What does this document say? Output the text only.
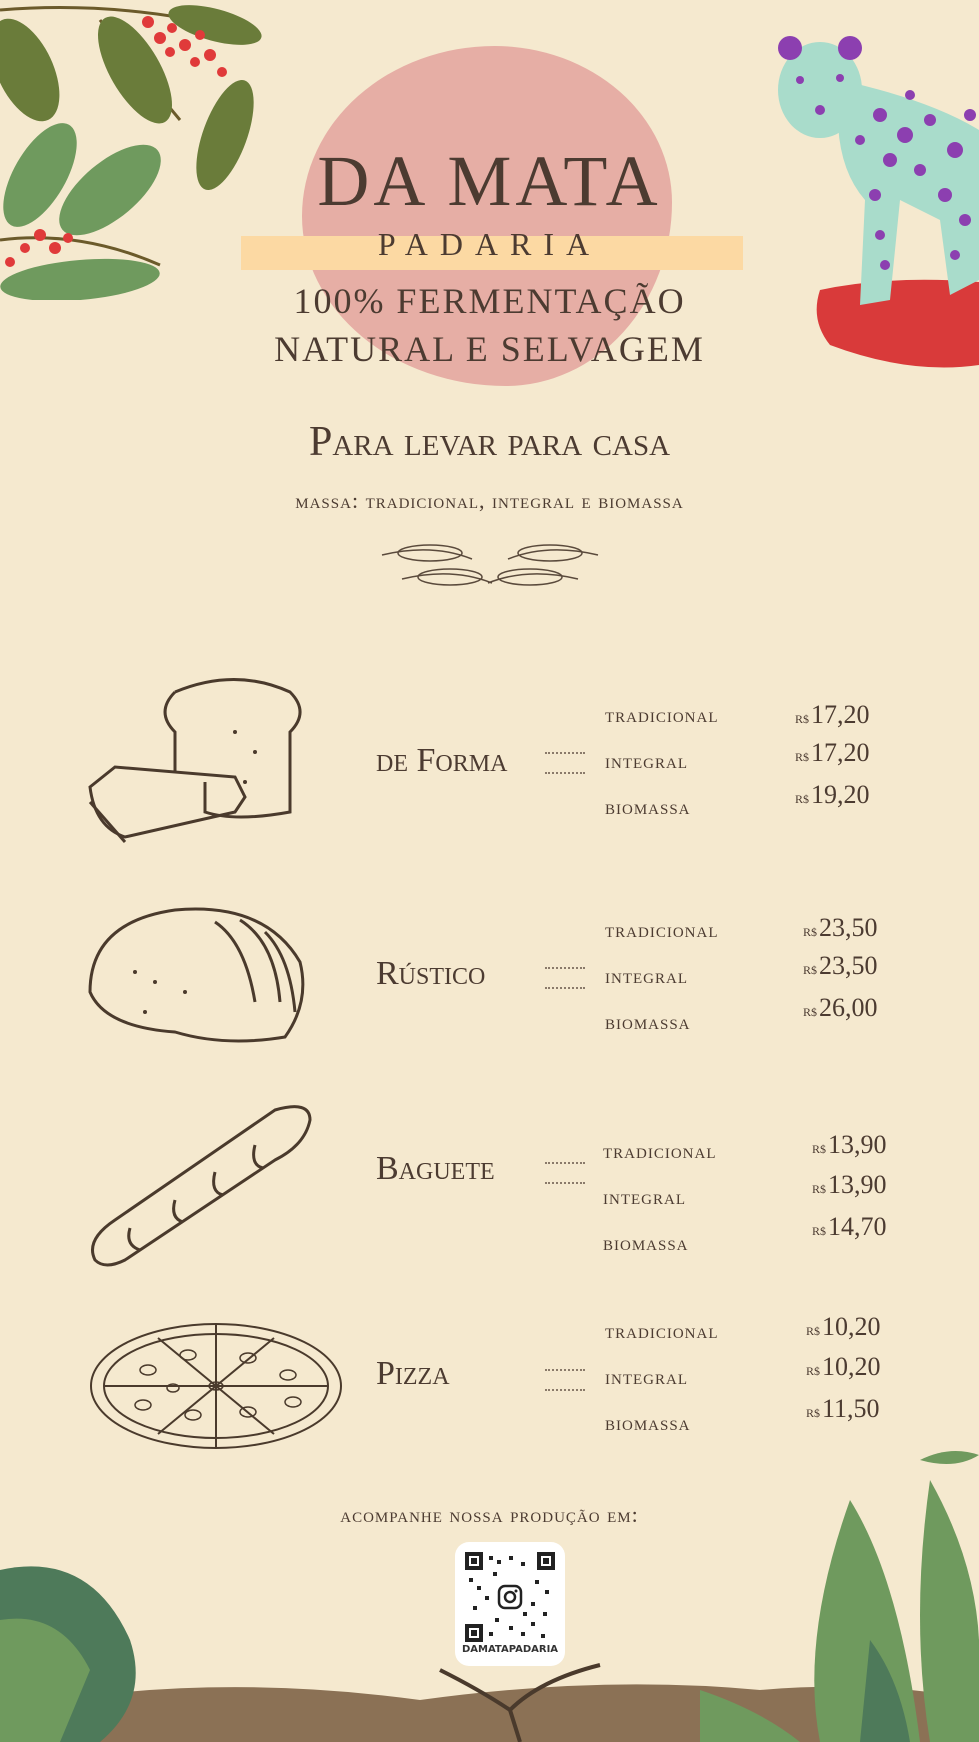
DA MATA
PADARIA
100% FERMENTAÇÃO
NATURAL E SELVAGEM
Para levar para casa
massa: tradicional, integral e biomassa
de Forma
tradicional
integral
biomassa
R$17,20
R$17,20
R$19,20
Rústico
tradicional
integral
biomassa
R$23,50
R$23,50
R$26,00
Baguete	tradicional
integral
biomassa
R$13,90
R$13,90
R$14,70
Pizza
tradicional
integral
biomassa
R$10,20
R$10,20
R$11,50
acompanhe nossa produção em:
DAMATAPADARIA
